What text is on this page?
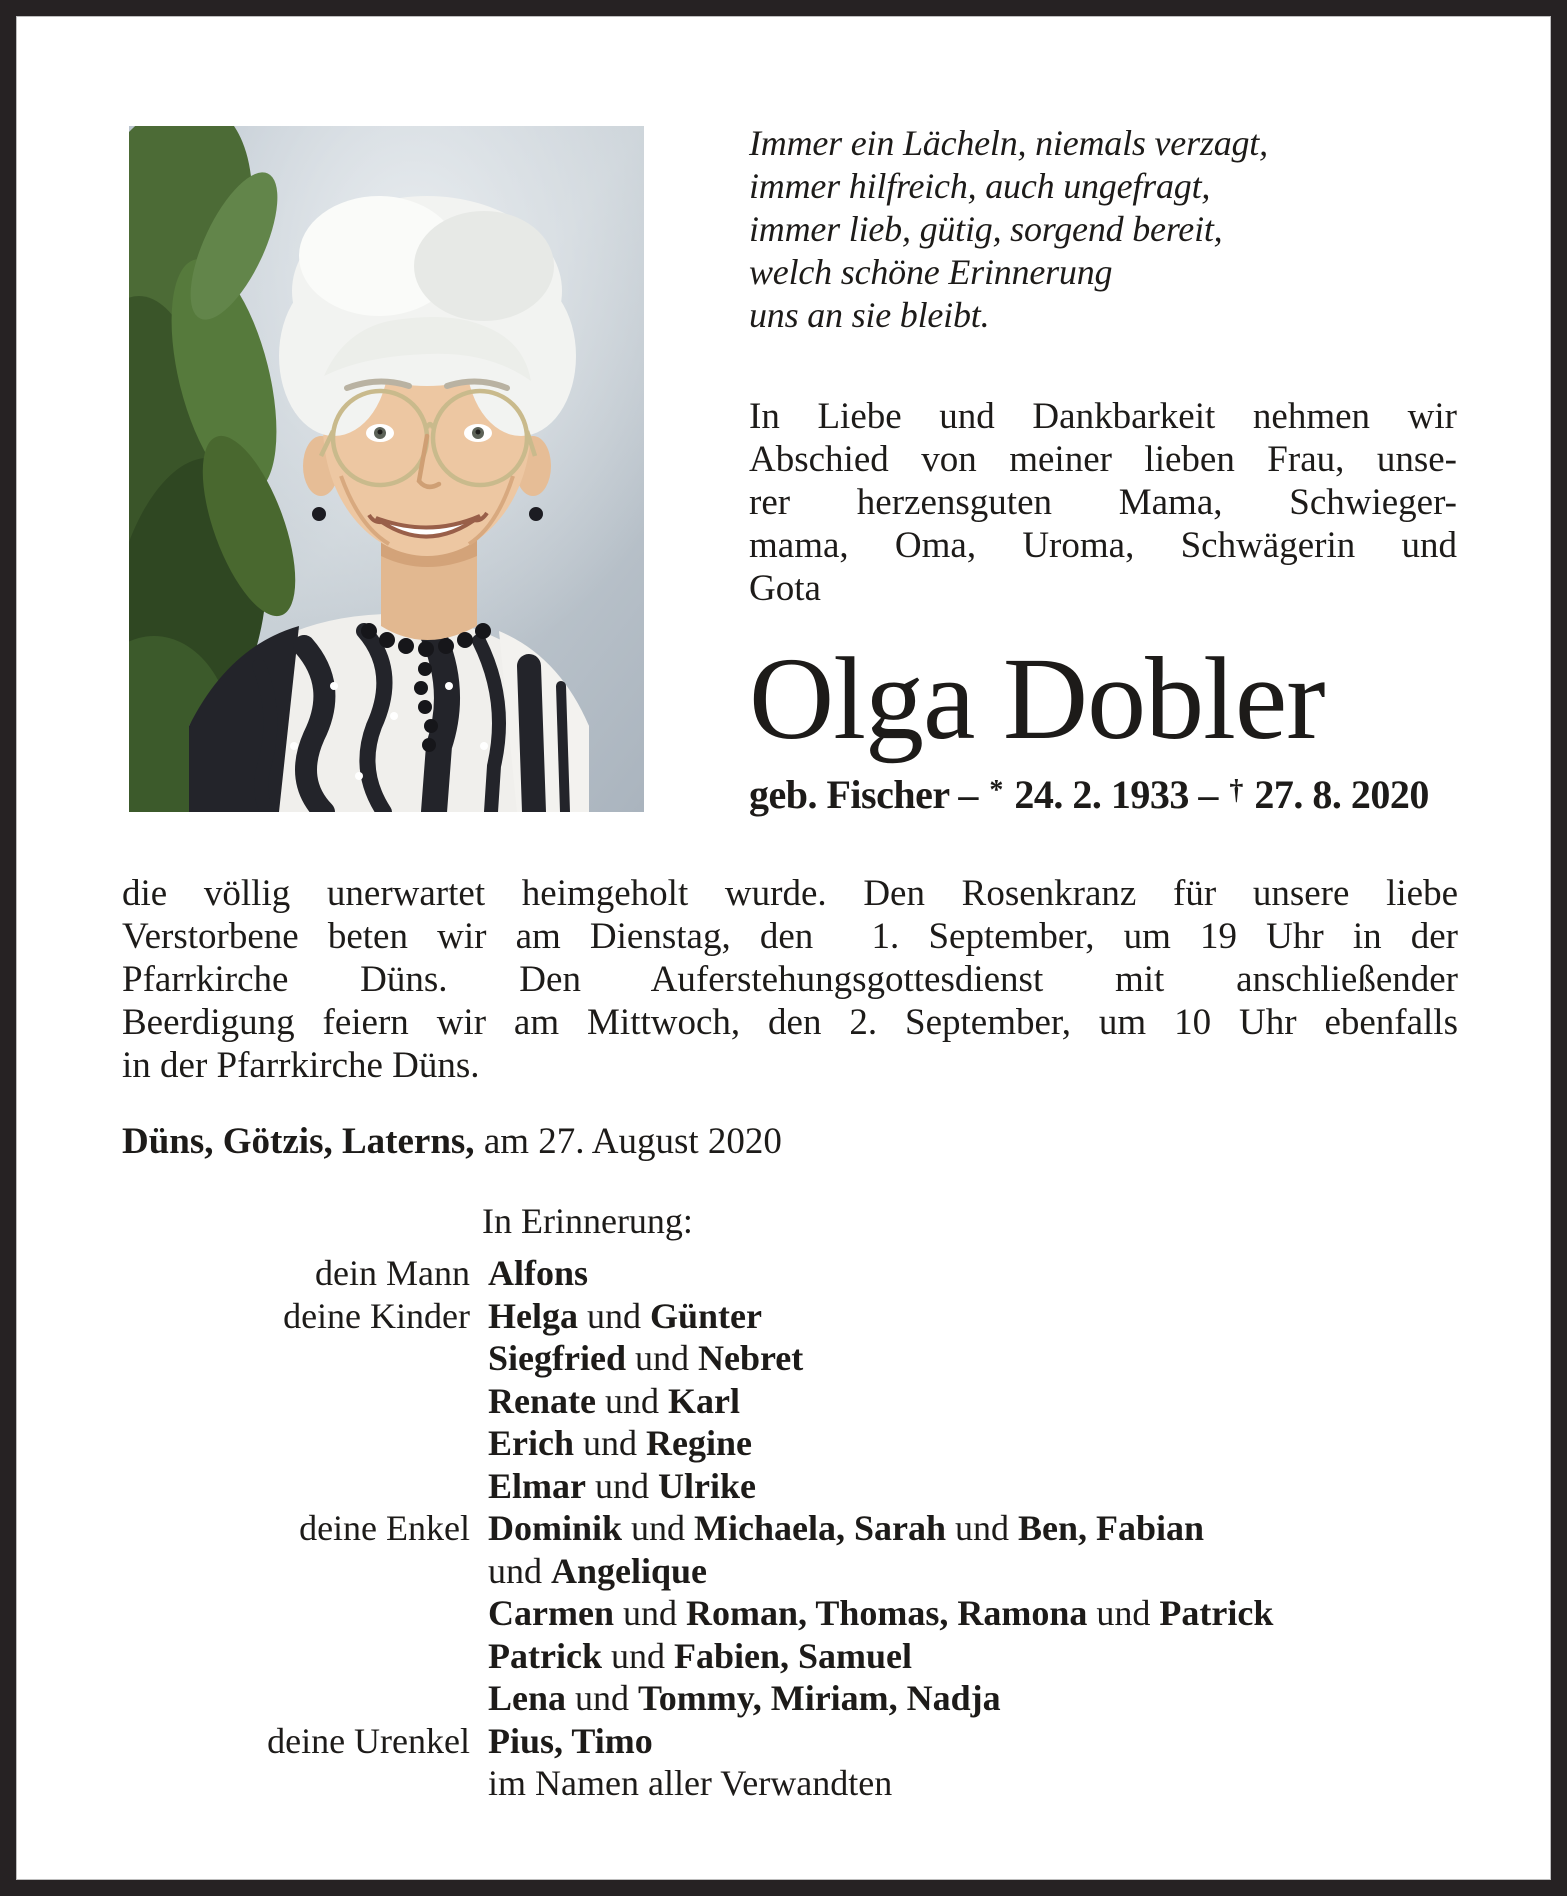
Immer ein Lächeln, niemals verzagt,
immer hilfreich, auch ungefragt,
immer lieb, gütig, sorgend bereit,
welch schöne Erinnerung
uns an sie bleibt.
In Liebe und Dankbarkeit nehmen wir
Abschied von meiner lieben Frau, unse-
rer herzensguten Mama, Schwieger-
mama, Oma, Uroma, Schwägerin und
Gota
Olga Dobler
geb. Fischer – * 24. 2. 1933 – † 27. 8. 2020
die völlig unerwartet heimgeholt wurde. Den Rosenkranz für unsere liebe
Verstorbene beten wir am Dienstag, den  1. September, um 19 Uhr in der
Pfarrkirche Düns. Den Auferstehungsgottesdienst mit anschließender
Beerdigung feiern wir am Mittwoch, den 2. September, um 10 Uhr ebenfalls
in der Pfarrkirche Düns.
Düns, Götzis, Laterns, am 27. August 2020
In Erinnerung:
dein Mann Alfons
deine Kinder Helga und Günter
Siegfried und Nebret
Renate und Karl
Erich und Regine
Elmar und Ulrike
deine Enkel Dominik und Michaela, Sarah und Ben, Fabian
und Angelique
Carmen und Roman, Thomas, Ramona und Patrick
Patrick und Fabien, Samuel
Lena und Tommy, Miriam, Nadja
deine Urenkel Pius, Timo
im Namen aller Verwandten
